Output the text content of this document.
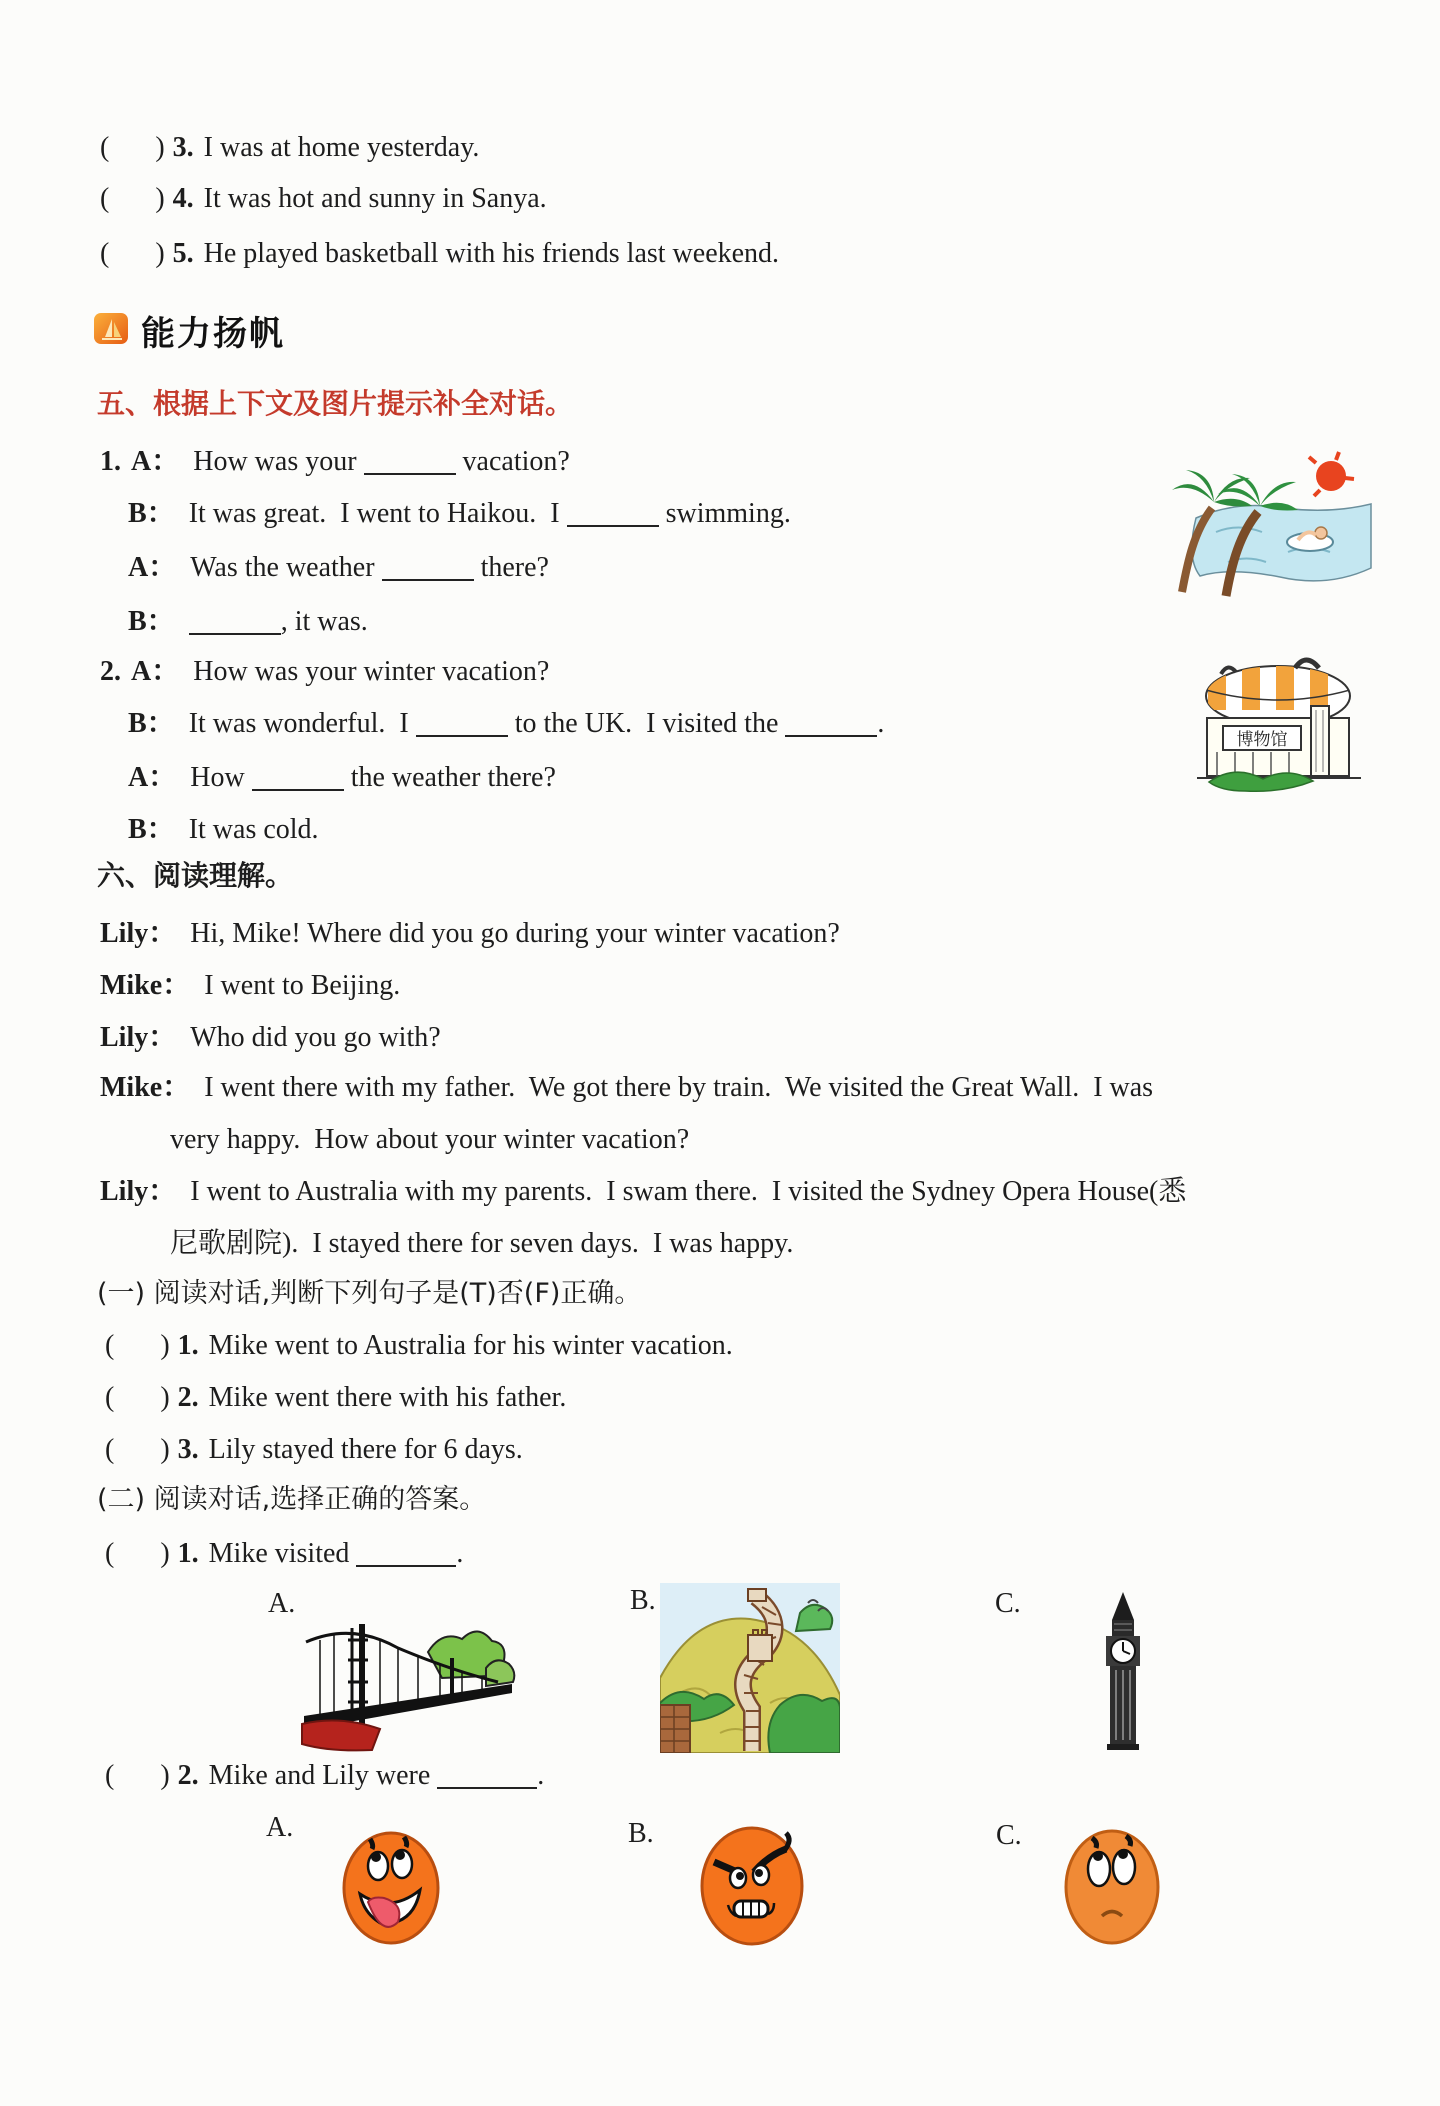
( ) 3. I was at home yesterday.
( ) 4. It was hot and sunny in Sanya.
( ) 5. He played basketball with his friends last weekend.
能力扬帆
五、根据上下文及图片提示补全对话。
1. A： How was your	vacation?
B： It was great.  I went to Haikou.  I	swimming.
A： Was the weather	there?
B：	, it was.
2. A： How was your winter vacation?
B： It was wonderful.  I	to the UK.  I visited the	.
A： How	the weather there?
B： It was cold.
博物馆
六、阅读理解。
Lily： Hi, Mike! Where did you go during your winter vacation?
Mike： I went to Beijing.
Lily： Who did you go with?
Mike： I went there with my father.  We got there by train.  We visited the Great Wall.  I was
very happy.  How about your winter vacation?
Lily： I went to Australia with my parents.  I swam there.  I visited the Sydney Opera House(悉
尼歌剧院).  I stayed there for seven days.  I was happy.
(一) 阅读对话,判断下列句子是(T)否(F)正确。
( ) 1. Mike went to Australia for his winter vacation.
( ) 2. Mike went there with his father.
( ) 3. Lily stayed there for 6 days.
(二) 阅读对话,选择正确的答案。
( ) 1. Mike visited	.
A.	B.	C.
( ) 2. Mike and Lily were	.
A.	B.	C.
